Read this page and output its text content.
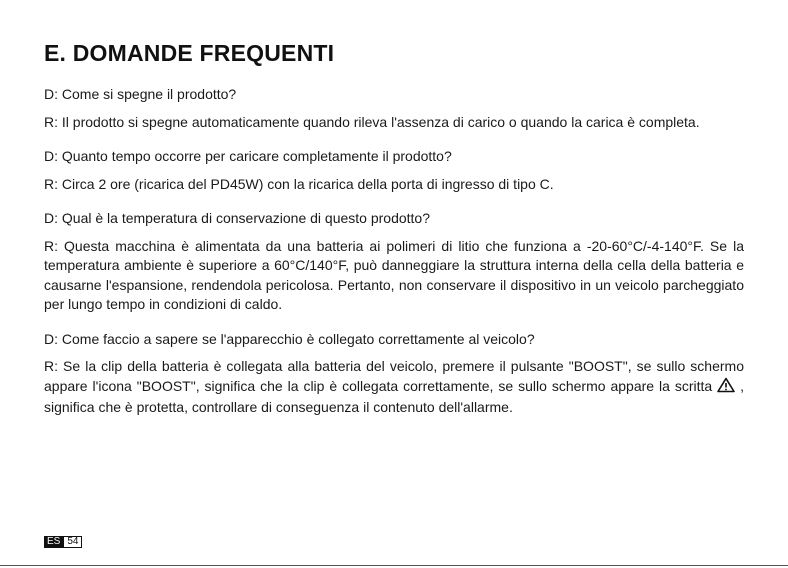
E. DOMANDE FREQUENTI

D: Come si spegne il prodotto?

R: Il prodotto si spegne automaticamente quando rileva l'assenza di carico o quando la carica è completa.

D: Quanto tempo occorre per caricare completamente il prodotto?

R: Circa 2 ore (ricarica del PD45W) con la ricarica della porta di ingresso di tipo C.

D: Qual è la temperatura di conservazione di questo prodotto?

R: Questa macchina è alimentata da una batteria ai polimeri di litio che funziona a -20-60°C/-4-140°F. Se la temperatura ambiente è superiore a 60°C/140°F, può danneggiare la struttura interna della cella della batteria e causarne l'espansione, rendendola pericolosa. Pertanto, non conservare il dispositivo in un veicolo parcheggiato per lungo tempo in condizioni di caldo.

D: Come faccio a sapere se l'apparecchio è collegato correttamente al veicolo?

R: Se la clip della batteria è collegata alla batteria del veicolo, premere il pulsante "BOOST", se sullo schermo appare l'icona "BOOST", significa che la clip è collegata correttamente, se sullo schermo appare la scritta , significa che è protetta, controllare di conseguenza il contenuto dell'allarme.

ES 54
